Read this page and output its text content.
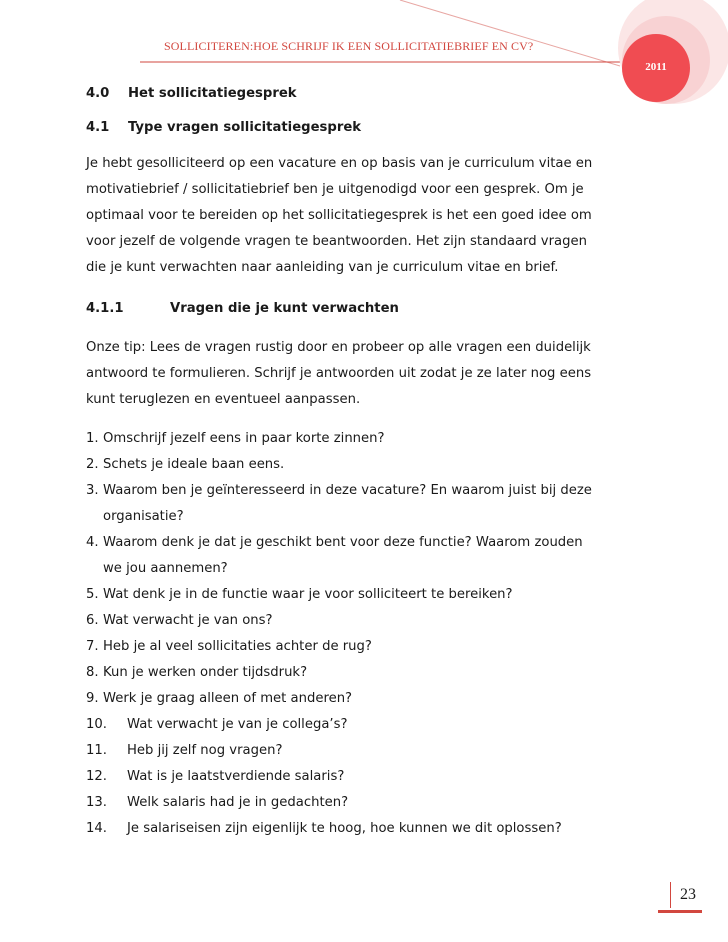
SOLLICITEREN:HOE SCHRIJF IK EEN SOLLICITATIEBRIEF EN CV?
2011
4.0 Het sollicitatiegesprek
4.1 Type vragen sollicitatiegesprek
Je hebt gesolliciteerd op een vacature en op basis van je curriculum vitae en
motivatiebrief / sollicitatiebrief ben je uitgenodigd voor een gesprek. Om je
optimaal voor te bereiden op het sollicitatiegesprek is het een goed idee om
voor jezelf de volgende vragen te beantwoorden. Het zijn standaard vragen
die je kunt verwachten naar aanleiding van je curriculum vitae en brief.
4.1.1	Vragen die je kunt verwachten
Onze tip: Lees de vragen rustig door en probeer op alle vragen een duidelijk
antwoord te formulieren. Schrijf je antwoorden uit zodat je ze later nog eens
kunt teruglezen en eventueel aanpassen.
1. Omschrijf jezelf eens in paar korte zinnen?
2. Schets je ideale baan eens.
3. Waarom ben je geïnteresseerd in deze vacature? En waarom juist bij deze
organisatie?
4. Waarom denk je dat je geschikt bent voor deze functie? Waarom zouden
we jou aannemen?
5. Wat denk je in de functie waar je voor solliciteert te bereiken?
6. Wat verwacht je van ons?
7. Heb je al veel sollicitaties achter de rug?
8. Kun je werken onder tijdsdruk?
9. Werk je graag alleen of met anderen?
10. Wat verwacht je van je collega’s?
11. Heb jij zelf nog vragen?
12. Wat is je laatstverdiende salaris?
13. Welk salaris had je in gedachten?
14. Je salariseisen zijn eigenlijk te hoog, hoe kunnen we dit oplossen?
23
